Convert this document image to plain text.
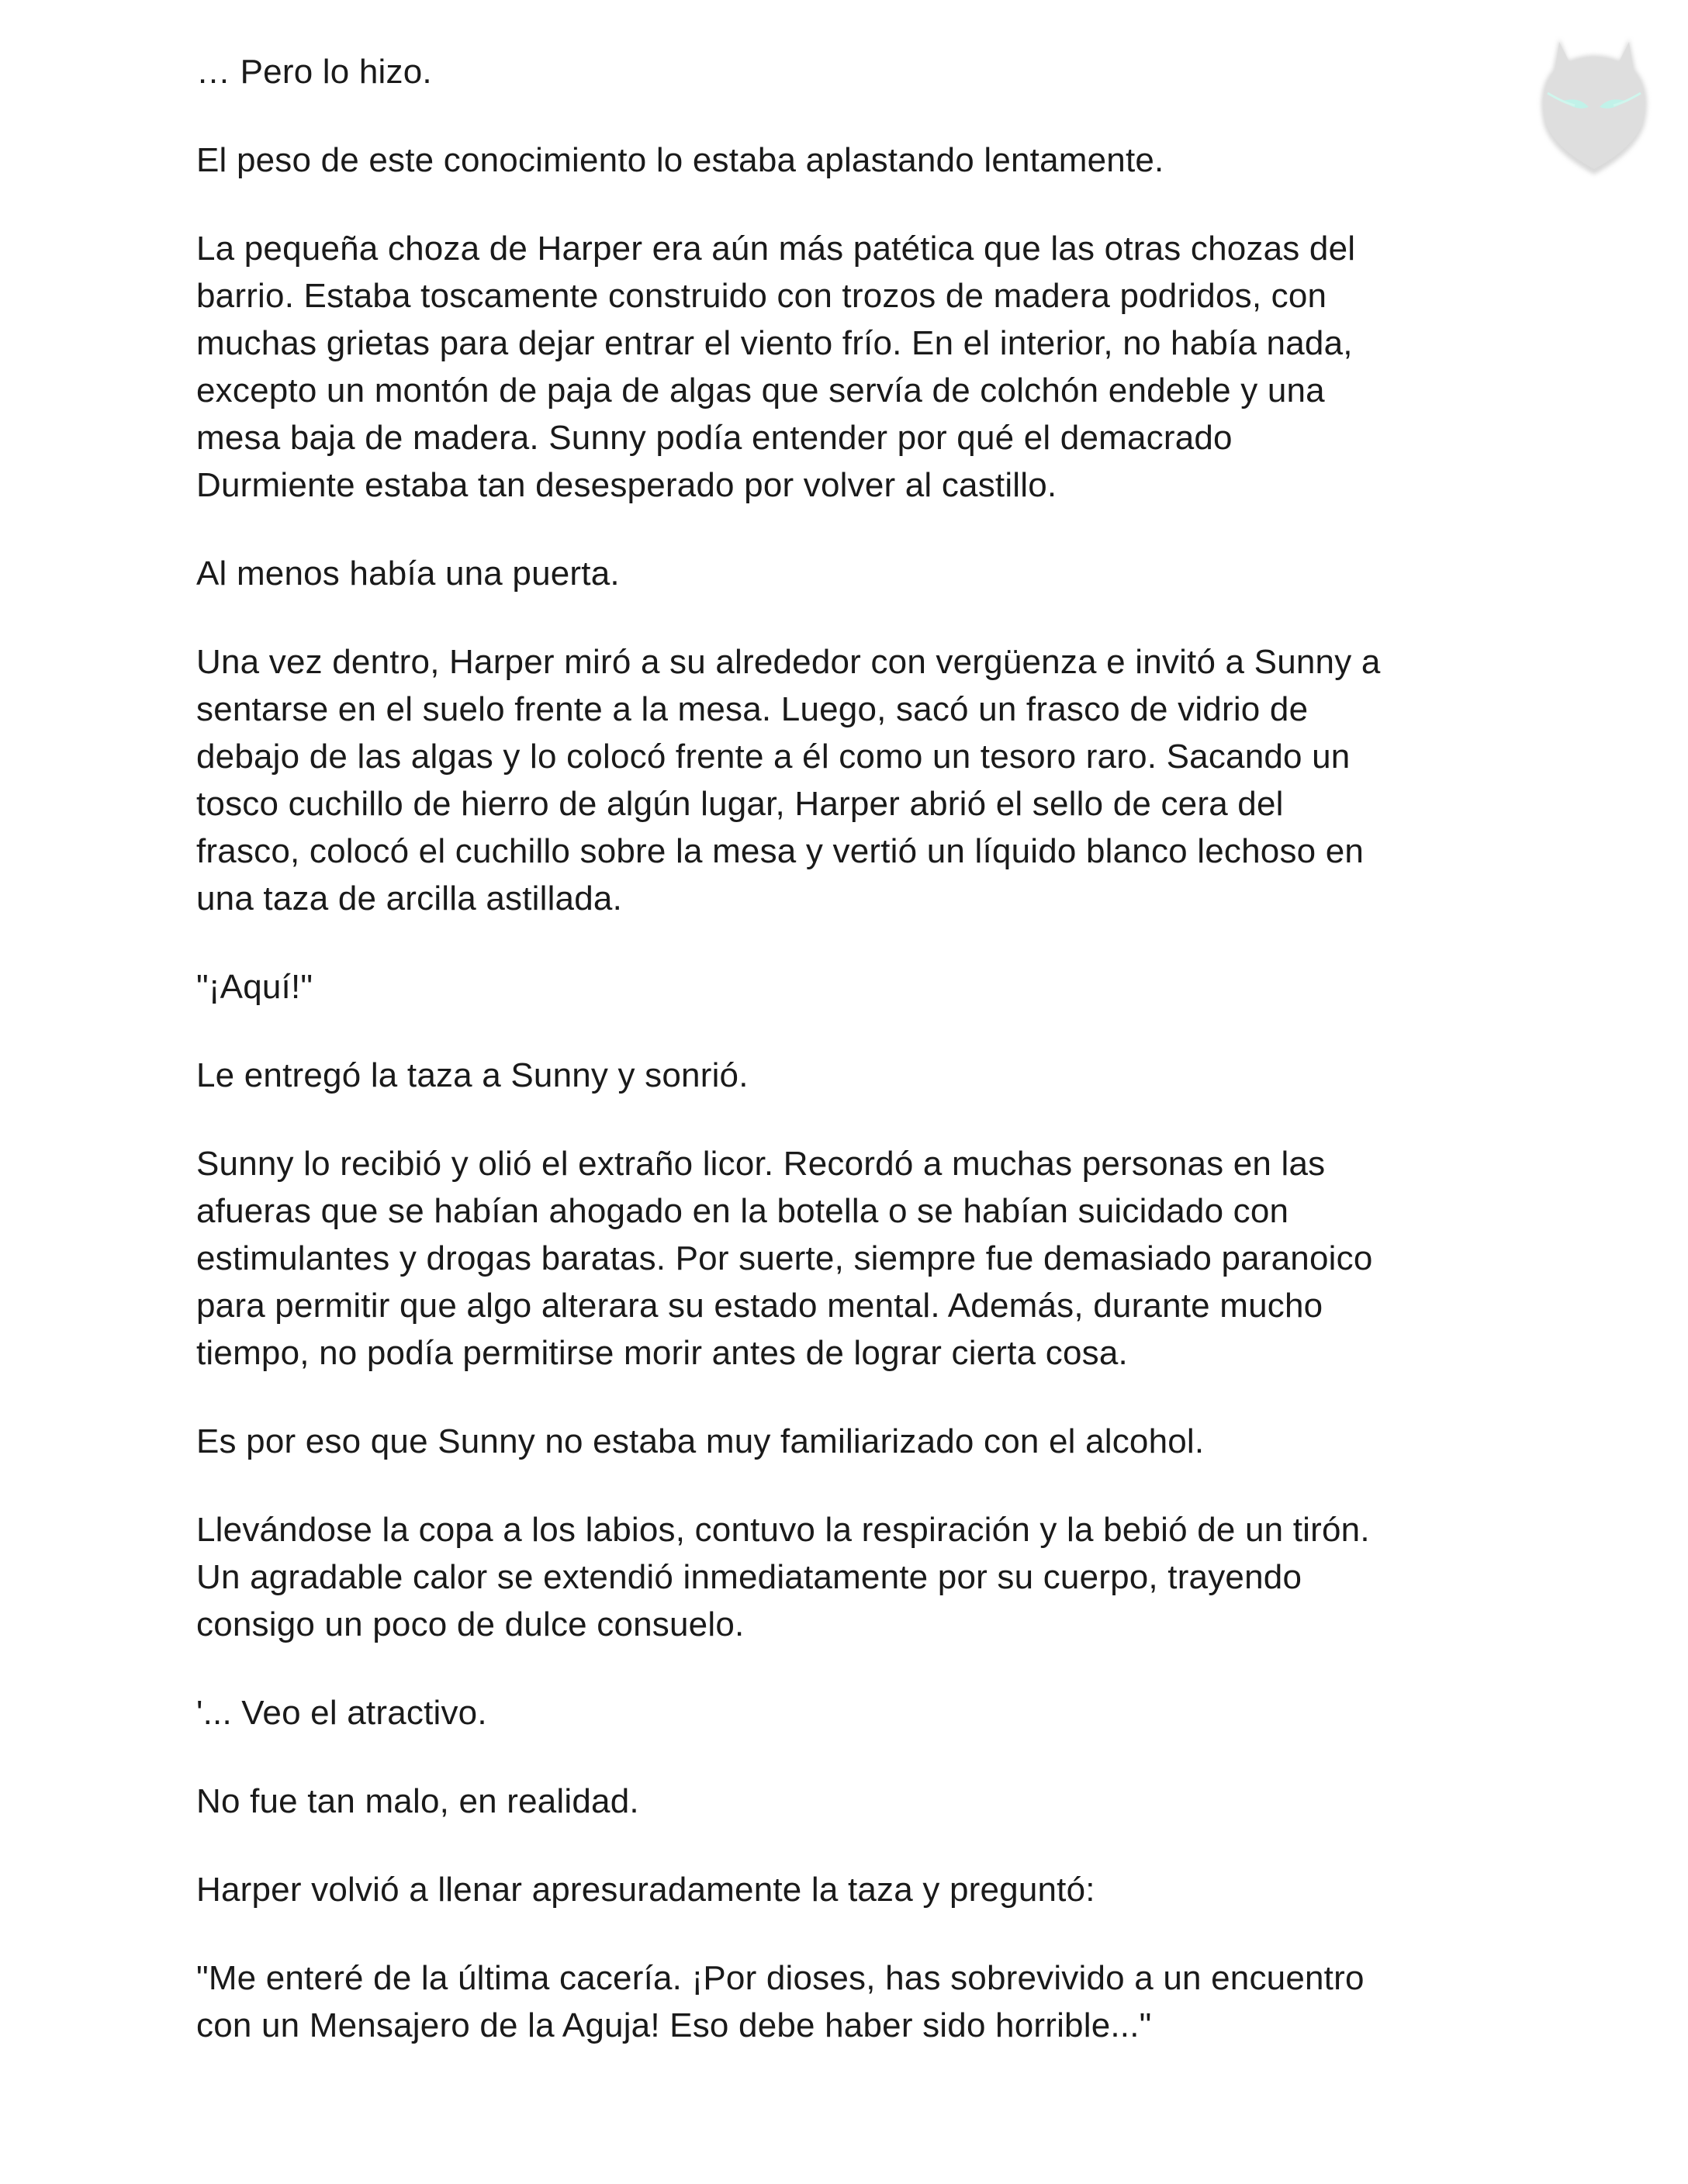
… Pero lo hizo.

El peso de este conocimiento lo estaba aplastando lentamente.

La pequeña choza de Harper era aún más patética que las otras chozas del
barrio. Estaba toscamente construido con trozos de madera podridos, con
muchas grietas para dejar entrar el viento frío. En el interior, no había nada,
excepto un montón de paja de algas que servía de colchón endeble y una
mesa baja de madera. Sunny podía entender por qué el demacrado
Durmiente estaba tan desesperado por volver al castillo.

Al menos había una puerta.

Una vez dentro, Harper miró a su alrededor con vergüenza e invitó a Sunny a
sentarse en el suelo frente a la mesa. Luego, sacó un frasco de vidrio de
debajo de las algas y lo colocó frente a él como un tesoro raro. Sacando un
tosco cuchillo de hierro de algún lugar, Harper abrió el sello de cera del
frasco, colocó el cuchillo sobre la mesa y vertió un líquido blanco lechoso en
una taza de arcilla astillada.

"¡Aquí!"

Le entregó la taza a Sunny y sonrió.

Sunny lo recibió y olió el extraño licor. Recordó a muchas personas en las
afueras que se habían ahogado en la botella o se habían suicidado con
estimulantes y drogas baratas. Por suerte, siempre fue demasiado paranoico
para permitir que algo alterara su estado mental. Además, durante mucho
tiempo, no podía permitirse morir antes de lograr cierta cosa.

Es por eso que Sunny no estaba muy familiarizado con el alcohol.

Llevándose la copa a los labios, contuvo la respiración y la bebió de un tirón.
Un agradable calor se extendió inmediatamente por su cuerpo, trayendo
consigo un poco de dulce consuelo.

'... Veo el atractivo.

No fue tan malo, en realidad.

Harper volvió a llenar apresuradamente la taza y preguntó:

"Me enteré de la última cacería. ¡Por dioses, has sobrevivido a un encuentro
con un Mensajero de la Aguja! Eso debe haber sido horrible..."
